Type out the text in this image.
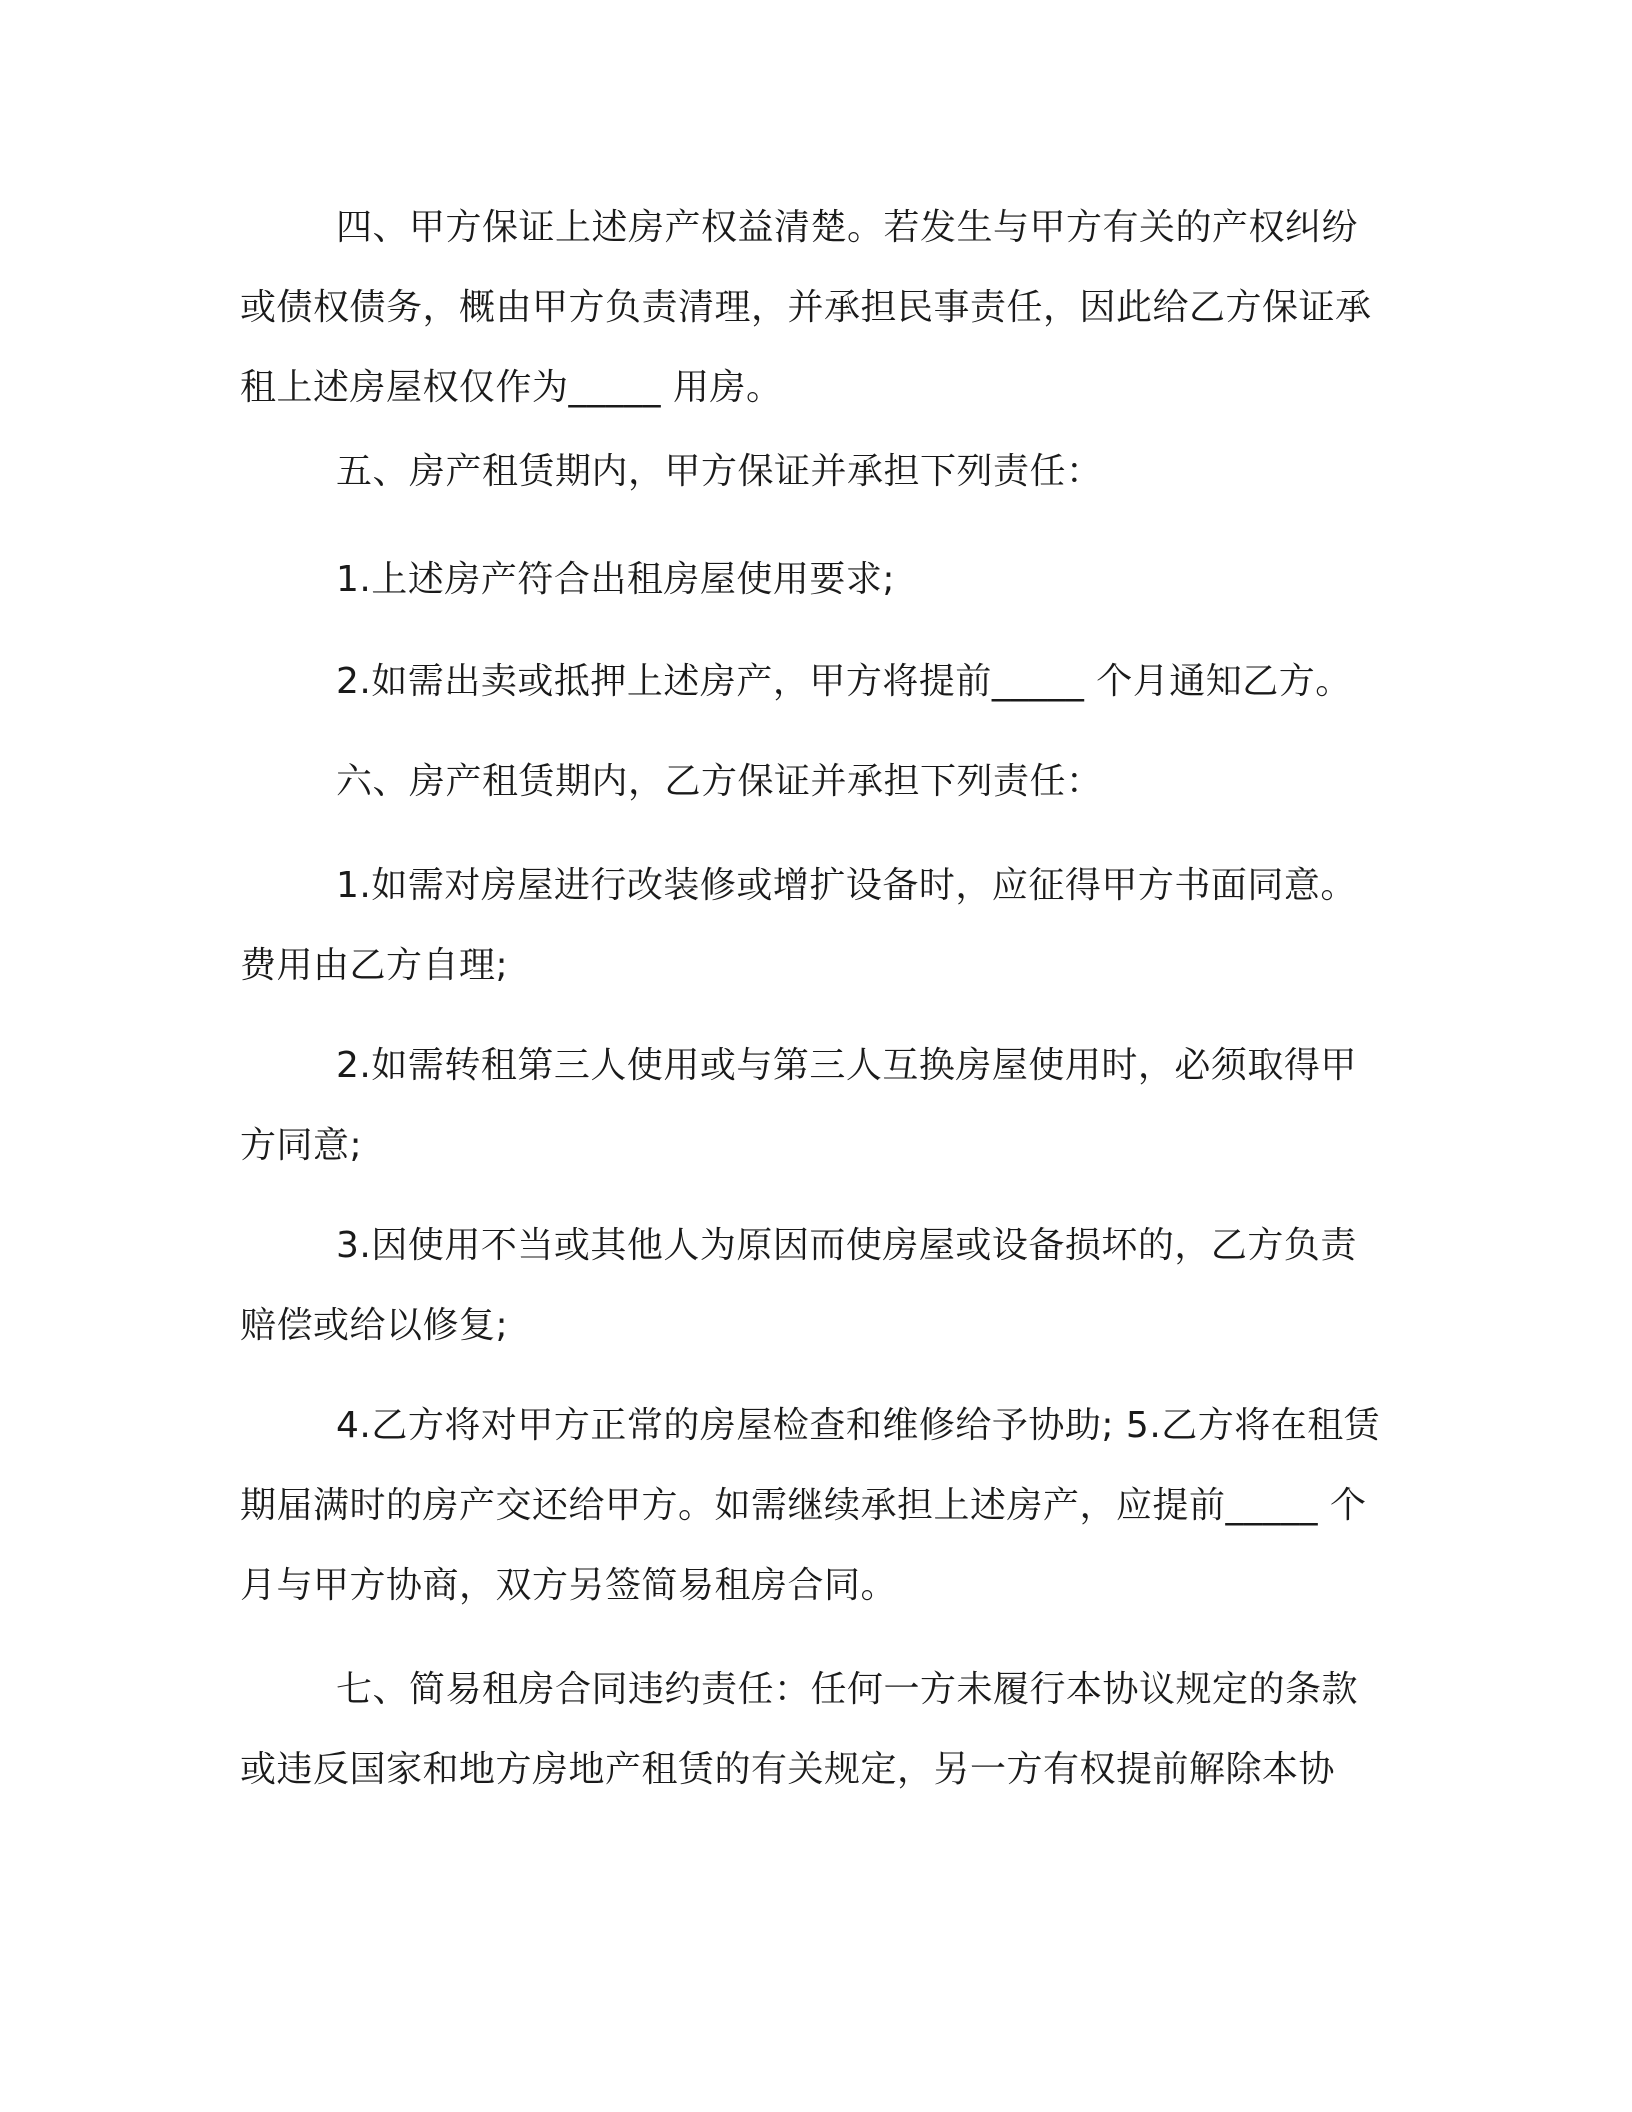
四、甲方保证上述房产权益清楚。若发生与甲方有关的产权纠纷或债权债务，概由甲方负责清理，并承担民事责任，因此给乙方保证承租上述房屋权仅作为_____ 用房。

五、房产租赁期内，甲方保证并承担下列责任：

1.上述房产符合出租房屋使用要求;

2.如需出卖或抵押上述房产，甲方将提前_____ 个月通知乙方。

六、房产租赁期内，乙方保证并承担下列责任：

1.如需对房屋进行改装修或增扩设备时，应征得甲方书面同意。费用由乙方自理;

2.如需转租第三人使用或与第三人互换房屋使用时，必须取得甲方同意;

3.因使用不当或其他人为原因而使房屋或设备损坏的，乙方负责赔偿或给以修复;

4.乙方将对甲方正常的房屋检查和维修给予协助; 5.乙方将在租赁期届满时的房产交还给甲方。如需继续承担上述房产，应提前_____ 个月与甲方协商，双方另签简易租房合同。

七、简易租房合同违约责任：任何一方未履行本协议规定的条款或违反国家和地方房地产租赁的有关规定，另一方有权提前解除本协
